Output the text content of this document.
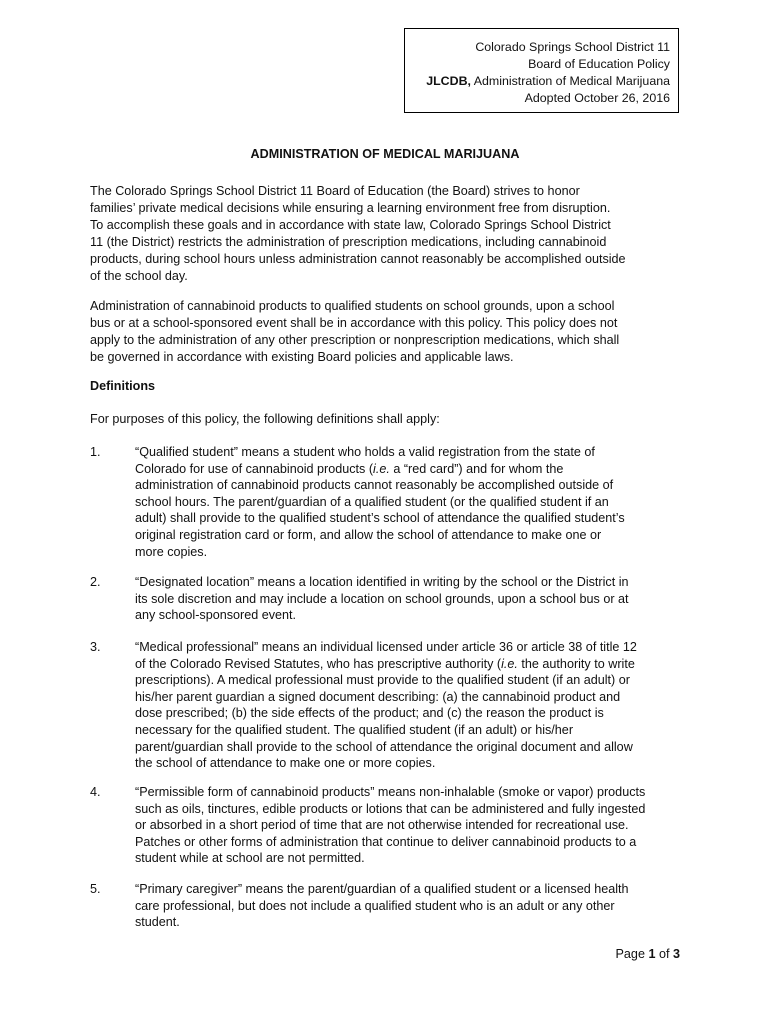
Colorado Springs School District 11
Board of Education Policy
JLCDB, Administration of Medical Marijuana
Adopted October 26, 2016
ADMINISTRATION OF MEDICAL MARIJUANA
The Colorado Springs School District 11 Board of Education (the Board) strives to honor
families’ private medical decisions while ensuring a learning environment free from disruption.
To accomplish these goals and in accordance with state law, Colorado Springs School District
11 (the District) restricts the administration of prescription medications, including cannabinoid
products, during school hours unless administration cannot reasonably be accomplished outside
of the school day.
Administration of cannabinoid products to qualified students on school grounds, upon a school
bus or at a school-sponsored event shall be in accordance with this policy. This policy does not
apply to the administration of any other prescription or nonprescription medications, which shall
be governed in accordance with existing Board policies and applicable laws.
Definitions
For purposes of this policy, the following definitions shall apply:
1.	“Qualified student” means a student who holds a valid registration from the state of
Colorado for use of cannabinoid products (i.e. a “red card”) and for whom the
administration of cannabinoid products cannot reasonably be accomplished outside of
school hours. The parent/guardian of a qualified student (or the qualified student if an
adult) shall provide to the qualified student’s school of attendance the qualified student’s
original registration card or form, and allow the school of attendance to make one or
more copies.
2.	“Designated location” means a location identified in writing by the school or the District in
its sole discretion and may include a location on school grounds, upon a school bus or at
any school-sponsored event.
3.	“Medical professional” means an individual licensed under article 36 or article 38 of title 12
of the Colorado Revised Statutes, who has prescriptive authority (i.e. the authority to write
prescriptions). A medical professional must provide to the qualified student (if an adult) or
his/her parent guardian a signed document describing: (a) the cannabinoid product and
dose prescribed; (b) the side effects of the product; and (c) the reason the product is
necessary for the qualified student. The qualified student (if an adult) or his/her
parent/guardian shall provide to the school of attendance the original document and allow
the school of attendance to make one or more copies.
4.	“Permissible form of cannabinoid products” means non-inhalable (smoke or vapor) products
such as oils, tinctures, edible products or lotions that can be administered and fully ingested
or absorbed in a short period of time that are not otherwise intended for recreational use.
Patches or other forms of administration that continue to deliver cannabinoid products to a
student while at school are not permitted.
5.	“Primary caregiver” means the parent/guardian of a qualified student or a licensed health
care professional, but does not include a qualified student who is an adult or any other
student.
Page 1 of 3
